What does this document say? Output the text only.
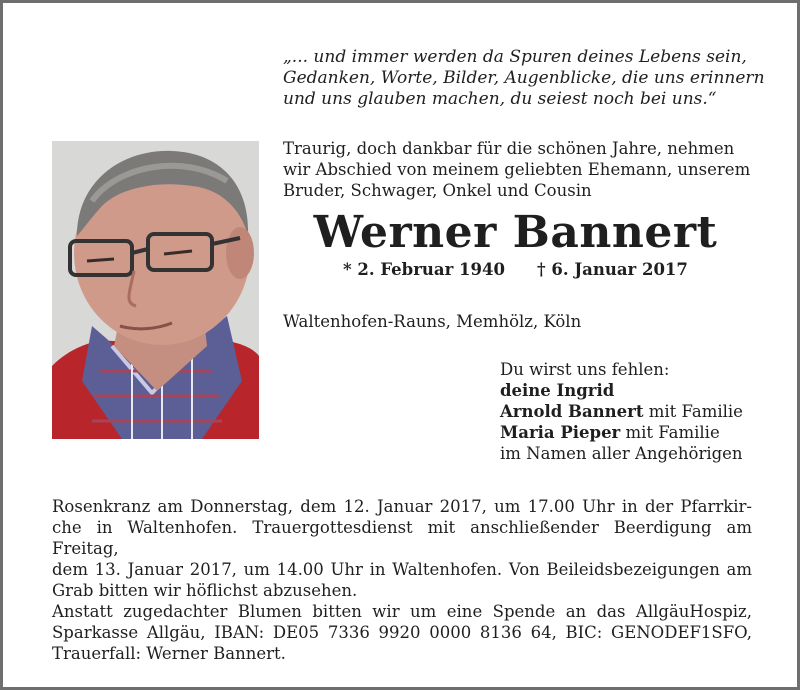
„... und immer werden da Spuren deines Lebens sein,
Gedanken, Worte, Bilder, Augenblicke, die uns erinnern
und uns glauben machen, du seiest noch bei uns.“
Traurig, doch dankbar für die schönen Jahre, nehmen
wir Abschied von meinem geliebten Ehemann, unserem
Bruder, Schwager, Onkel und Cousin
Werner Bannert
* 2. Februar 1940 † 6. Januar 2017
Waltenhofen-Rauns, Memhölz, Köln
Du wirst uns fehlen:
deine Ingrid
Arnold Bannert mit Familie
Maria Pieper mit Familie
im Namen aller Angehörigen
Rosenkranz am Donnerstag, dem 12. Januar 2017, um 17.00 Uhr in der Pfarrkir-
che in Waltenhofen. Trauergottesdienst mit anschließender Beerdigung am Freitag,
dem 13. Januar 2017, um 14.00 Uhr in Waltenhofen. Von Beileidsbezeigungen am
Grab bitten wir höflichst abzusehen.
Anstatt zugedachter Blumen bitten wir um eine Spende an das AllgäuHospiz,
Sparkasse Allgäu, IBAN: DE05 7336 9920 0000 8136 64, BIC: GENODEF1SFO,
Trauerfall: Werner Bannert.
